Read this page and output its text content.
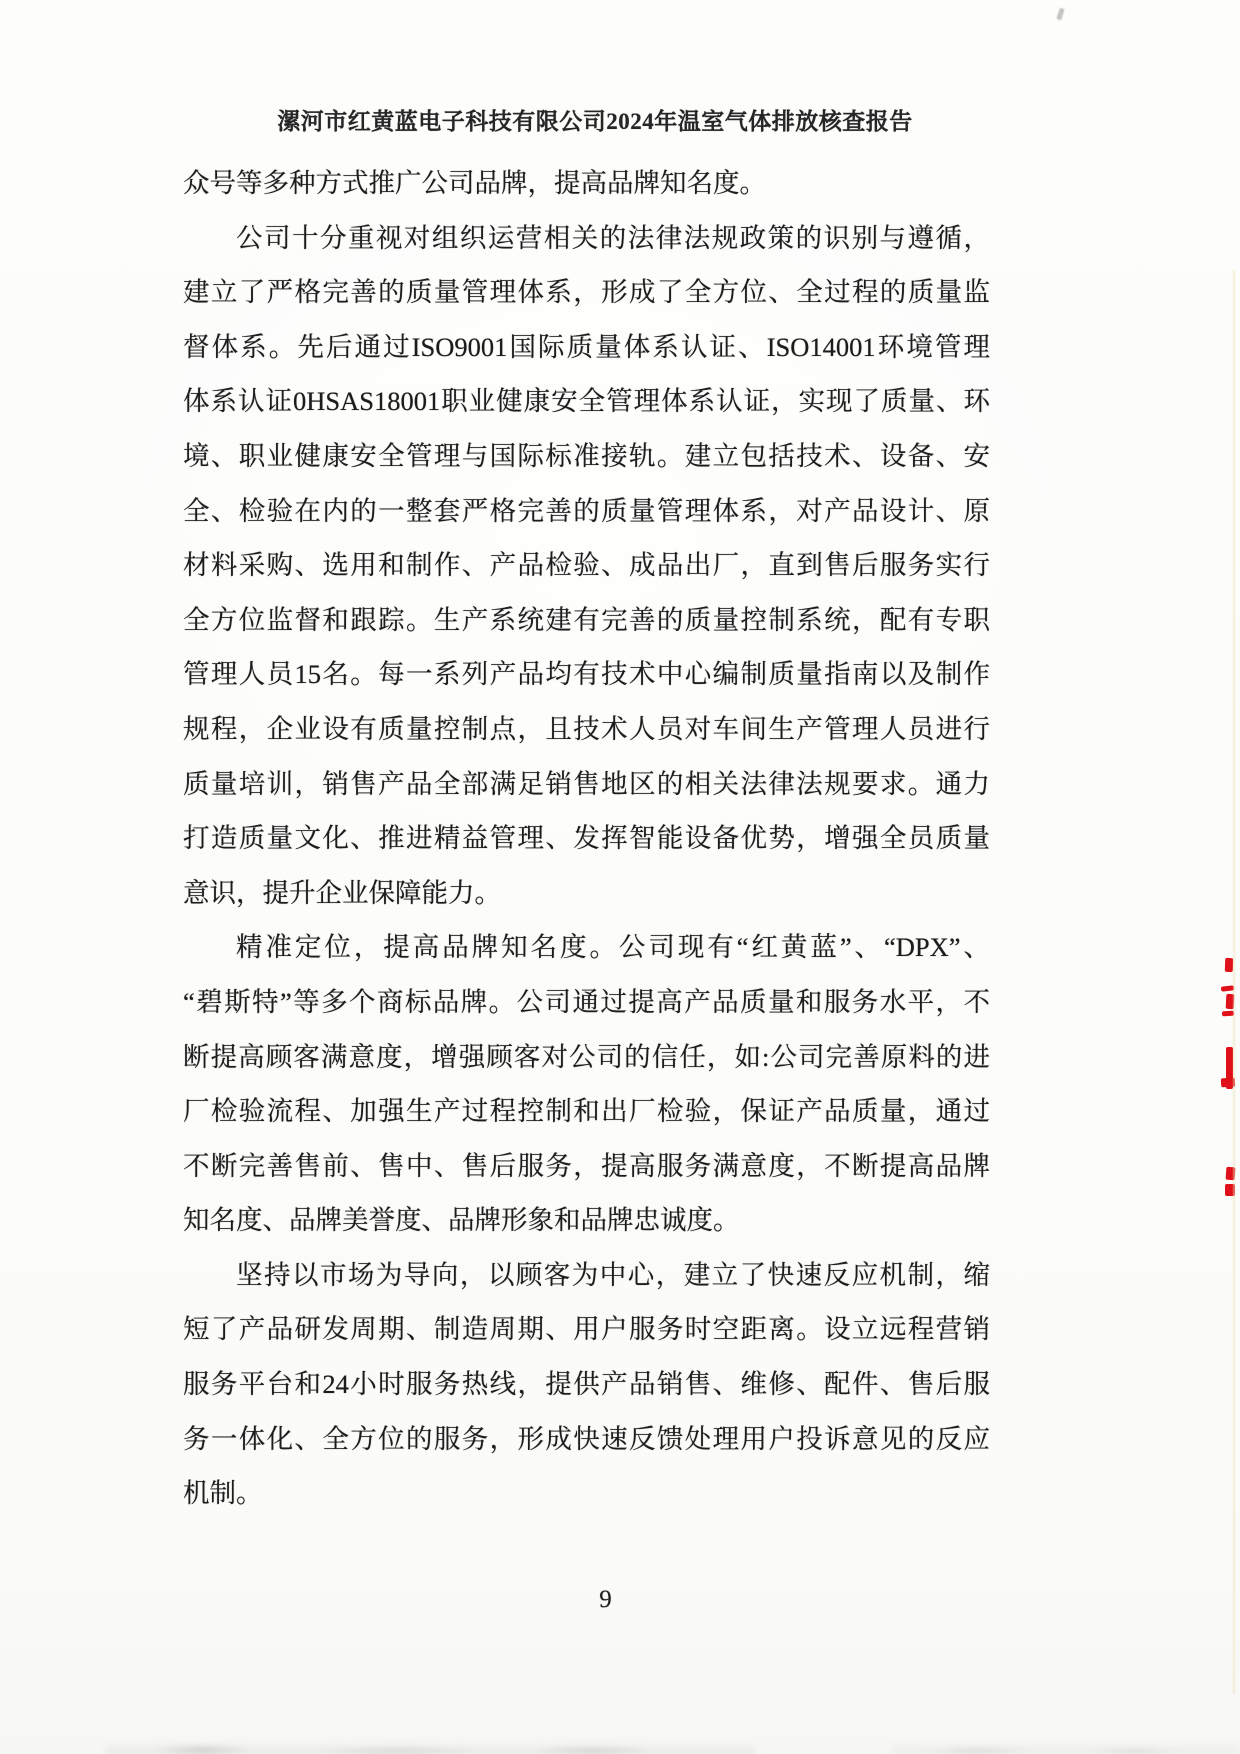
漯河市红黄蓝电子科技有限公司2024年温室气体排放核查报告
众号等多种方式推广公司品牌，提高品牌知名度。
公司十分重视对组织运营相关的法律法规政策的识别与遵循，
建立了严格完善的质量管理体系，形成了全方位、全过程的质量监
督体系。先后通过ISO9001国际质量体系认证、ISO14001环境管理
体系认证0HSAS18001职业健康安全管理体系认证，实现了质量、环
境、职业健康安全管理与国际标准接轨。建立包括技术、设备、安
全、检验在内的一整套严格完善的质量管理体系，对产品设计、原
材料采购、选用和制作、产品检验、成品出厂，直到售后服务实行
全方位监督和跟踪。生产系统建有完善的质量控制系统，配有专职
管理人员15名。每一系列产品均有技术中心编制质量指南以及制作
规程，企业设有质量控制点，且技术人员对车间生产管理人员进行
质量培训，销售产品全部满足销售地区的相关法律法规要求。通力
打造质量文化、推进精益管理、发挥智能设备优势，增强全员质量
意识，提升企业保障能力。
精准定位，提高品牌知名度。公司现有“红黄蓝”、“DPX”、
“碧斯特”等多个商标品牌。公司通过提高产品质量和服务水平，不
断提高顾客满意度，增强顾客对公司的信任，如:公司完善原料的进
厂检验流程、加强生产过程控制和出厂检验，保证产品质量，通过
不断完善售前、售中、售后服务，提高服务满意度，不断提高品牌
知名度、品牌美誉度、品牌形象和品牌忠诚度。
坚持以市场为导向，以顾客为中心，建立了快速反应机制，缩
短了产品研发周期、制造周期、用户服务时空距离。设立远程营销
服务平台和24小时服务热线，提供产品销售、维修、配件、售后服
务一体化、全方位的服务，形成快速反馈处理用户投诉意见的反应
机制。
9
